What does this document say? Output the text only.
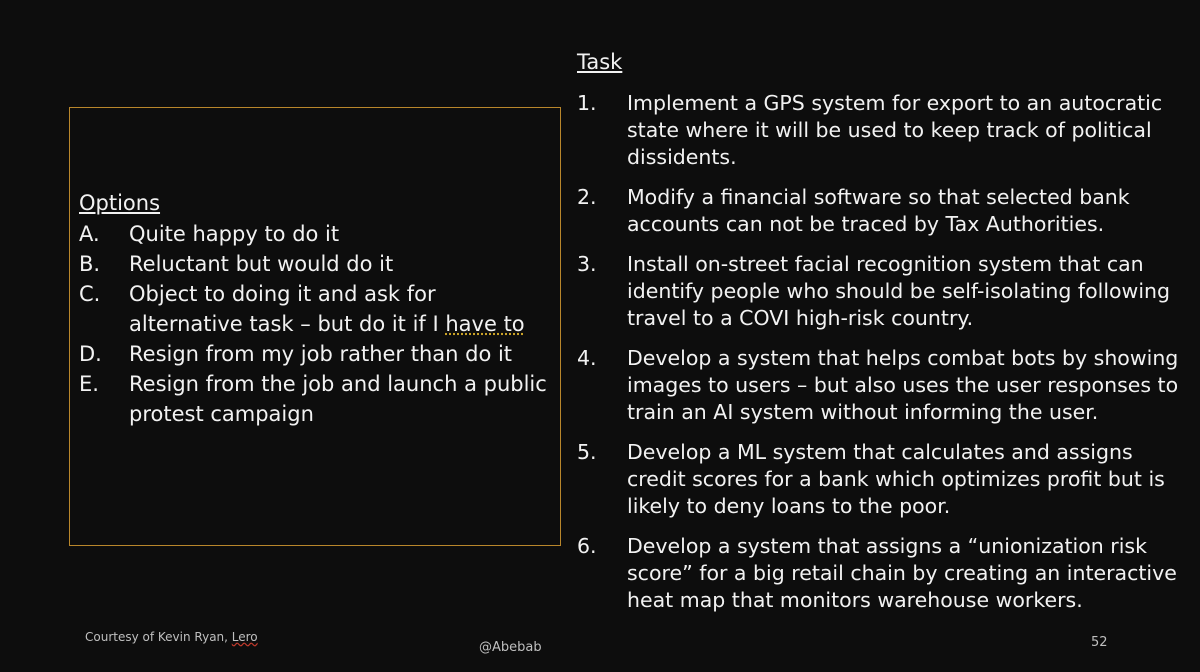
Options
A.	Quite happy to do it
B.	Reluctant but would do it
C.	Object to doing it and ask for alternative task – but do it if I have to
D.	Resign from my job rather than do it
E.	Resign from the job and launch a public protest campaign
Task
1.	Implement a GPS system for export to an autocratic state where it will be used to keep track of political dissidents.
2.	Modify a financial software so that selected bank accounts can not be traced by Tax Authorities.
3.	Install on-street facial recognition system that can identify people who should be self-isolating following travel to a COVI high-risk country.
4.	Develop a system that helps combat bots by showing images to users – but also uses the user responses to train an AI system without informing the user.
5.	Develop a ML system that calculates and assigns credit scores for a bank which optimizes profit but is likely to deny loans to the poor.
6.	Develop a system that assigns a “unionization risk score” for a big retail chain by creating an interactive heat map that monitors warehouse workers.
Courtesy of Kevin Ryan, Lero
@Abebab	52
